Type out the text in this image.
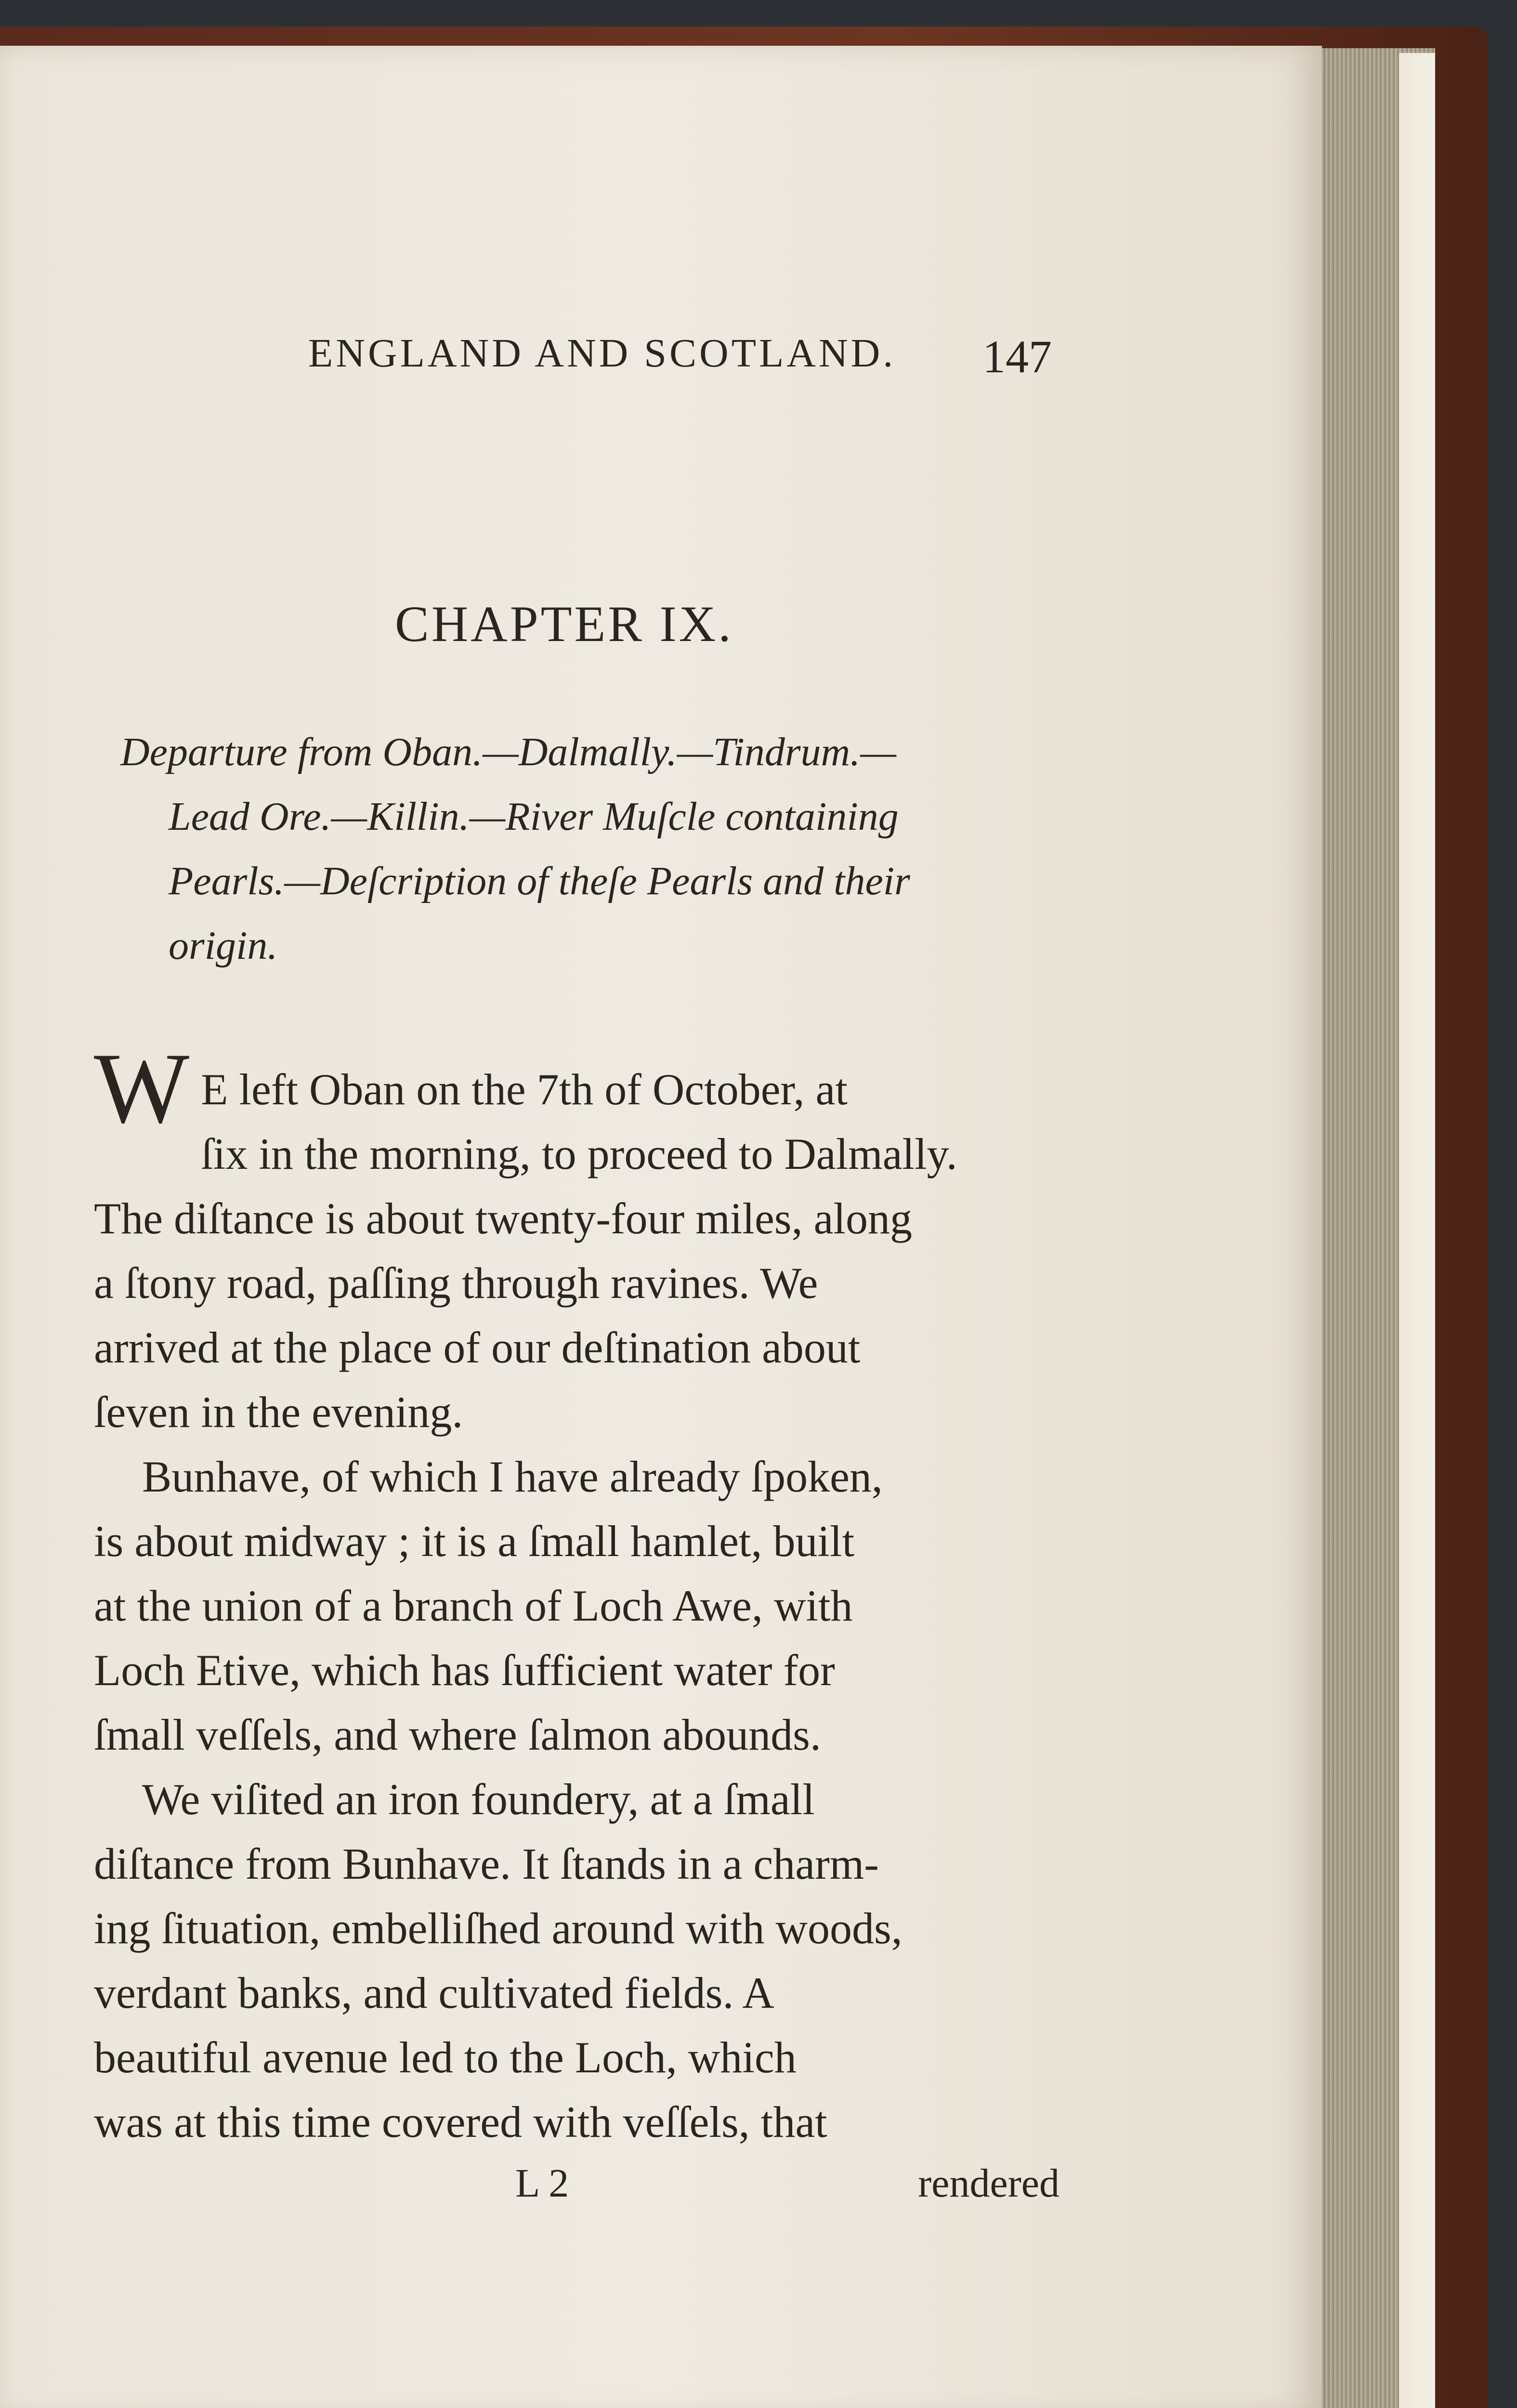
ENGLAND AND SCOTLAND. 147
CHAPTER IX.
Departure from Oban.—Dalmally.—Tindrum.—
Lead Ore.—Killin.—River Muſcle containing
Pearls.—Deſcription of theſe Pearls and their
origin.
W E left Oban on the 7th of October, at
ſix in the morning, to proceed to Dalmally.
The diſtance is about twenty-four miles, along
a ſtony road, paſſing through ravines. We
arrived at the place of our deſtination about
ſeven in the evening.
Bunhave, of which I have already ſpoken,
is about midway ; it is a ſmall hamlet, built
at the union of a branch of Loch Awe, with
Loch Etive, which has ſufficient water for
ſmall veſſels, and where ſalmon abounds.
We viſited an iron foundery, at a ſmall
diſtance from Bunhave. It ſtands in a charm-
ing ſituation, embelliſhed around with woods,
verdant banks, and cultivated fields. A
beautiful avenue led to the Loch, which
was at this time covered with veſſels, that
L 2	rendered
